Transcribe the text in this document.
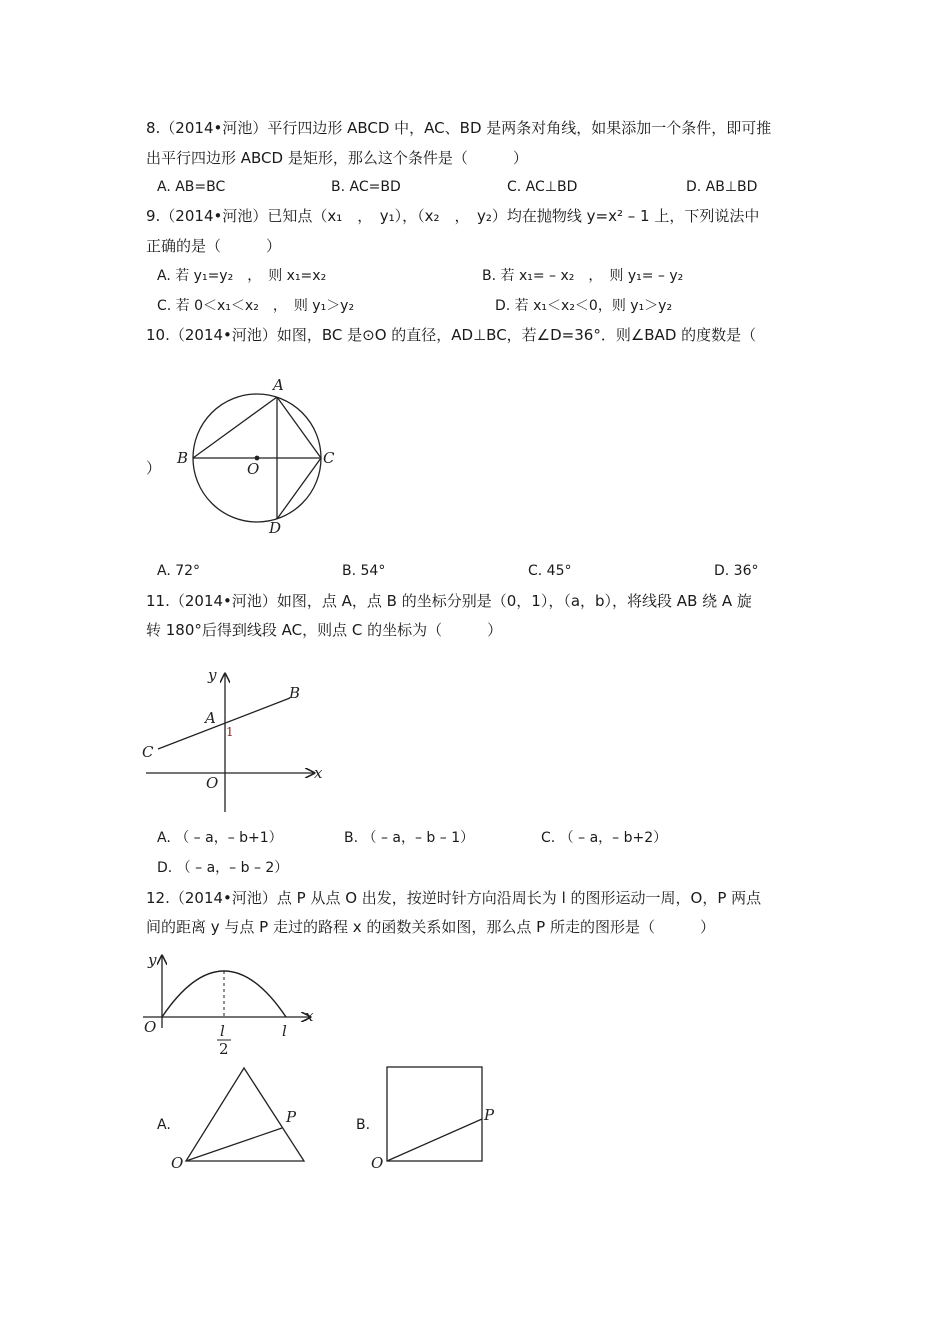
8.（2014•河池）平行四边形 ABCD 中，AC、BD 是两条对角线，如果添加一个条件，即可推
出平行四边形 ABCD 是矩形，那么这个条件是（　　　）
A. AB=BC	B. AC=BD	C. AC⊥BD	D. AB⊥BD
9.（2014•河池）已知点（x₁　，　y₁），（x₂　，　y₂）均在抛物线 y=x² – 1 上，下列说法中
正确的是（　　　）
A. 若 y₁=y₂　，　则 x₁=x₂	B. 若 x₁= – x₂　，　则 y₁= – y₂
C. 若 0＜x₁＜x₂　，　则 y₁＞y₂	D. 若 x₁＜x₂＜0，则 y₁＞y₂
10.（2014•河池）如图，BC 是⊙O 的直径，AD⊥BC，若∠D=36°．则∠BAD 的度数是（
）
A
B	C
D
O
A. 72°	B. 54°	C. 45°	D. 36°
11.（2014•河池）如图，点 A，点 B 的坐标分别是（0，1），（a，b），将线段 AB 绕 A 旋
转 180°后得到线段 AC，则点 C 的坐标为（　　　）
y
x
A
B
C
O
1
A. （ – a，– b+1）	B. （ – a，– b – 1）	C. （ – a，– b+2）
D. （ – a，– b – 2）
12.（2014•河池）点 P 从点 O 出发，按逆时针方向沿周长为 l 的图形运动一周，O，P 两点
间的距离 y 与点 P 走过的路程 x 的函数关系如图，那么点 P 所走的图形是（　　　）
y
x
O	l
2
l
A.
O
P	B.
O
P
